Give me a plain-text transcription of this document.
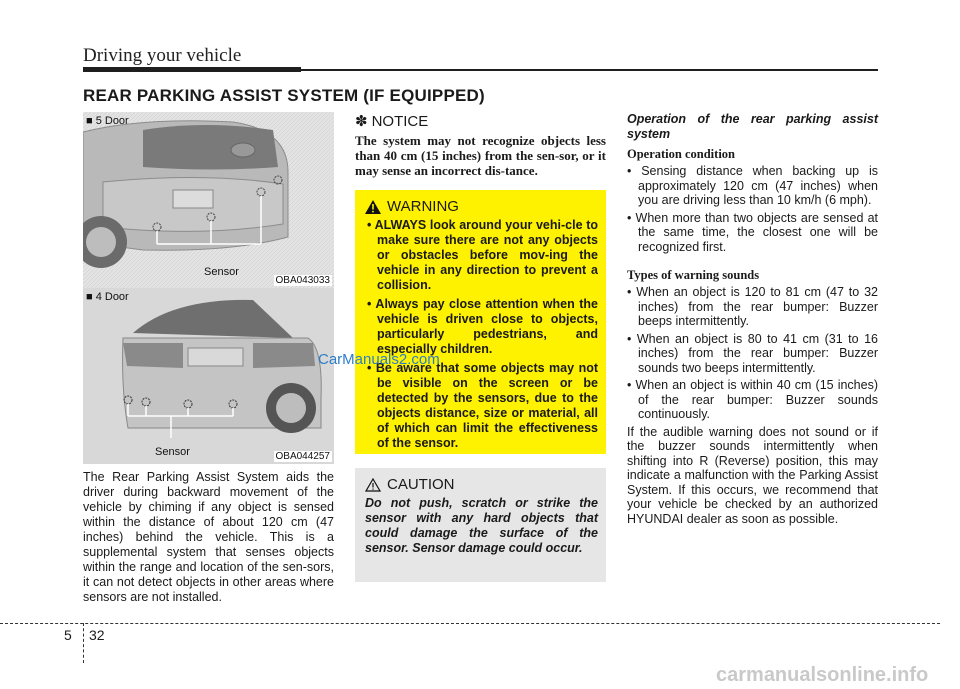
Driving your vehicle
REAR PARKING ASSIST SYSTEM (IF EQUIPPED)
■ 5 Door
Sensor
OBA043033
■ 4 Door
Sensor	OBA044257

The Rear Parking Assist System aids the driver during backward movement of the vehicle by chiming if any object is sensed within the distance of about 120 cm (47 inches) behind the vehicle. This is a supplemental system that senses objects within the range and location of the sen-sors, it can not detect objects in other areas where sensors are not installed.

✽ NOTICE

The system may not recognize objects less than 40 cm (15 inches) from the sen-sor, or it may sense an incorrect dis-tance.

WARNING
• ALWAYS look around your vehi-cle to make sure there are not any objects or obstacles before mov-ing the vehicle in any direction to prevent a collision.
• Always pay close attention when the vehicle is driven close to objects, particularly pedestrians, and especially children.
• Be aware that some objects may not be visible on the screen or be detected by the sensors, due to the objects distance, size or material, all of which can limit the effectiveness of the sensor.
CAUTION

Do not push, scratch or strike the sensor with any hard objects that could damage the surface of the sensor. Sensor damage could occur.

Operation of the rear parking assist system

Operation condition
• Sensing distance when backing up is approximately 120 cm (47 inches) when you are driving less than 10 km/h (6 mph).
• When more than two objects are sensed at the same time, the closest one will be recognized first.
Types of warning sounds
• When an object is 120 to 81 cm (47 to 32 inches) from the rear bumper: Buzzer beeps intermittently.
• When an object is 80 to 41 cm (31 to 16 inches) from the rear bumper: Buzzer sounds two beeps intermittently.
• When an object is within 40 cm (15 inches) of the rear bumper: Buzzer sounds continuously.

If the audible warning does not sound or if the buzzer sounds intermittently when shifting into R (Reverse) position, this may indicate a malfunction with the Parking Assist System. If this occurs, we recommend that your vehicle be checked by an authorized HYUNDAI dealer as soon as possible.

CarManuals2.com
5 32
carmanualsonline.info
